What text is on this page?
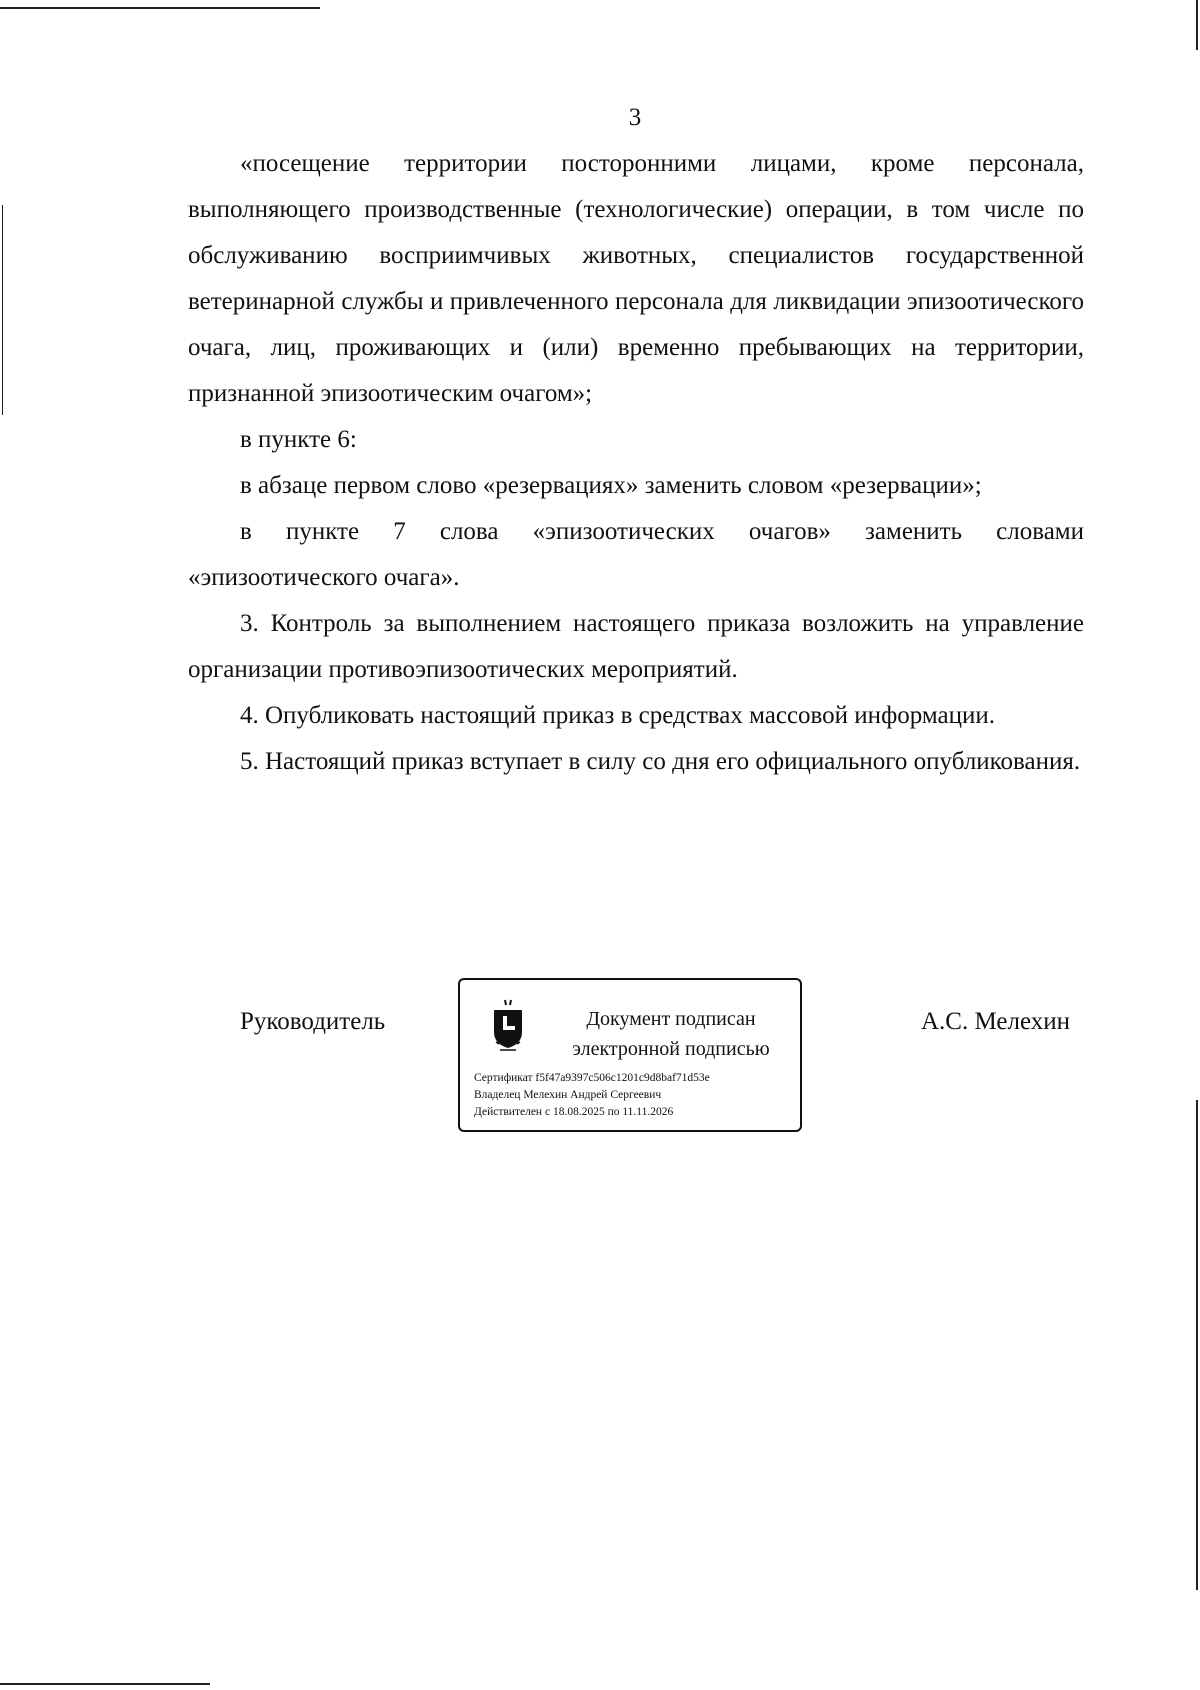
3

«посещение территории посторонними лицами, кроме персонала, выполняющего производственные (технологические) операции, в том числе по обслуживанию восприимчивых животных, специалистов государственной ветеринарной службы и привлеченного персонала для ликвидации эпизоотического очага, лиц, проживающих и (или) временно пребывающих на территории, признанной эпизоотическим очагом»;

в пункте 6:

в абзаце первом слово «резервациях» заменить словом «резервации»;

в пункте 7 слова «эпизоотических очагов» заменить словами «эпизоотического очага».

3. Контроль за выполнением настоящего приказа возложить на управление организации противоэпизоотических мероприятий.

4. Опубликовать настоящий приказ в средствах массовой информации.

5. Настоящий приказ вступает в силу со дня его официального опубликования.

Руководитель	Документ подписан
электронной подписью
Сертификат f5f47a9397c506c1201c9d8baf71d53e
Владелец Мелехин Андрей Сергеевич
Действителен с 18.08.2025 по 11.11.2026
А.С. Мелехин
